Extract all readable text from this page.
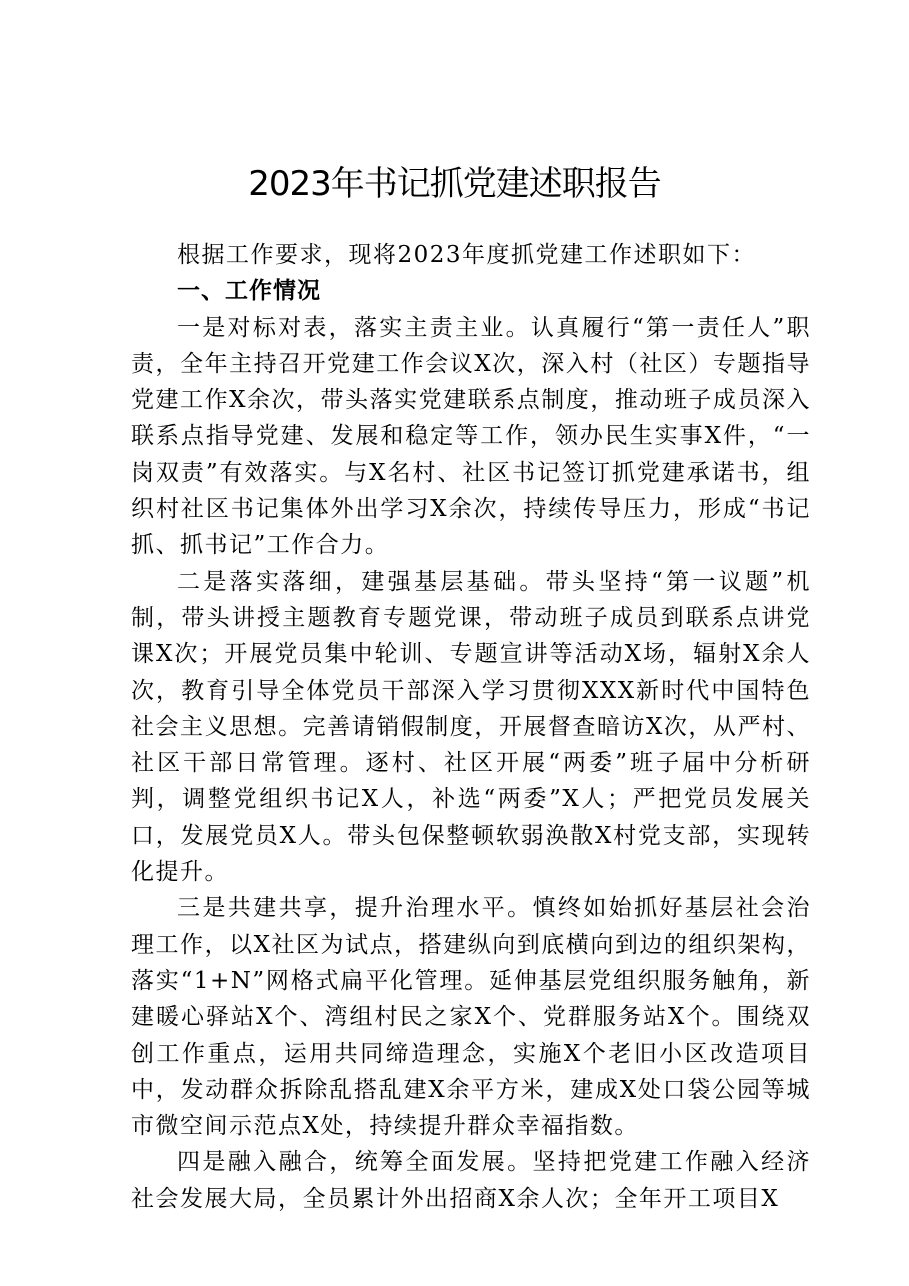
2023年书记抓党建述职报告

根据工作要求，现将2023年度抓党建工作述职如下：

一、工作情况

一是对标对表，落实主责主业。认真履行“第一责任人”职责，全年主持召开党建工作会议X次，深入村（社区）专题指导党建工作X余次，带头落实党建联系点制度，推动班子成员深入联系点指导党建、发展和稳定等工作，领办民生实事X件，“一岗双责”有效落实。与X名村、社区书记签订抓党建承诺书，组织村社区书记集体外出学习X余次，持续传导压力，形成“书记抓、抓书记”工作合力。

二是落实落细，建强基层基础。带头坚持“第一议题”机制，带头讲授主题教育专题党课，带动班子成员到联系点讲党课X次；开展党员集中轮训、专题宣讲等活动X场，辐射X余人次，教育引导全体党员干部深入学习贯彻XXX新时代中国特色社会主义思想。完善请销假制度，开展督查暗访X次，从严村、社区干部日常管理。逐村、社区开展“两委”班子届中分析研判，调整党组织书记X人，补选“两委”X人；严把党员发展关口，发展党员X人。带头包保整顿软弱涣散X村党支部，实现转化提升。

三是共建共享，提升治理水平。慎终如始抓好基层社会治理工作，以X社区为试点，搭建纵向到底横向到边的组织架构，落实“1+N”网格式扁平化管理。延伸基层党组织服务触角，新建暖心驿站X个、湾组村民之家X个、党群服务站X个。围绕双创工作重点，运用共同缔造理念，实施X个老旧小区改造项目中，发动群众拆除乱搭乱建X余平方米，建成X处口袋公园等城市微空间示范点X处，持续提升群众幸福指数。

四是融入融合，统筹全面发展。坚持把党建工作融入经济社会发展大局，全员累计外出招商X余人次；全年开工项目X
